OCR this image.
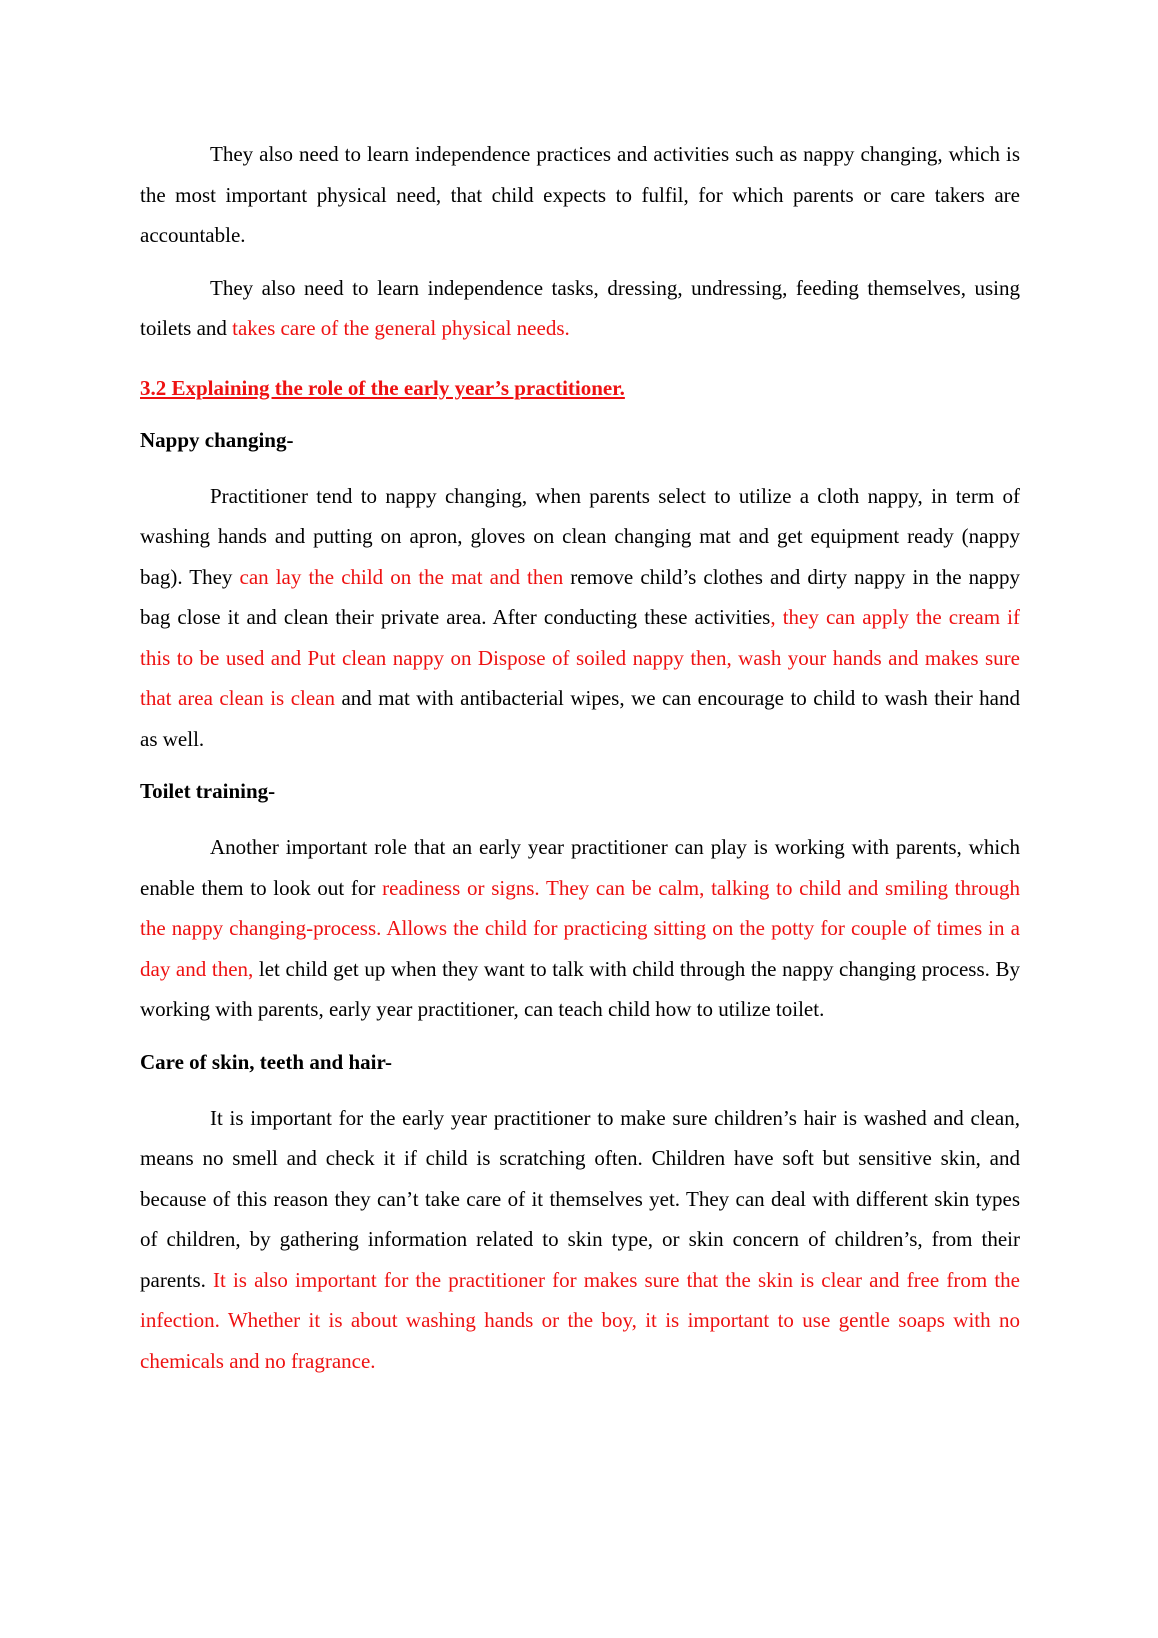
They also need to learn independence practices and activities such as nappy changing, which is the most important physical need, that child expects to fulfil, for which parents or care takers are accountable.

They also need to learn independence tasks, dressing, undressing, feeding themselves, using toilets and takes care of the general physical needs.

3.2 Explaining the role of the early year’s practitioner.
Nappy changing-

Practitioner tend to nappy changing, when parents select to utilize a cloth nappy, in term of washing hands and putting on apron, gloves on clean changing mat and get equipment ready (nappy bag). They can lay the child on the mat and then remove child’s clothes and dirty nappy in the nappy bag close it and clean their private area. After conducting these activities, they can apply the cream if this to be used and Put clean nappy on Dispose of soiled nappy then, wash your hands and makes sure that area clean is clean and mat with antibacterial wipes, we can encourage to child to wash their hand as well.

Toilet training-

Another important role that an early year practitioner can play is working with parents, which enable them to look out for readiness or signs. They can be calm, talking to child and smiling through the nappy changing-process. Allows the child for practicing sitting on the potty for couple of times in a day and then, let child get up when they want to talk with child through the nappy changing process. By working with parents, early year practitioner, can teach child how to utilize toilet.

Care of skin, teeth and hair-

It is important for the early year practitioner to make sure children’s hair is washed and clean, means no smell and check it if child is scratching often. Children have soft but sensitive skin, and because of this reason they can’t take care of it themselves yet. They can deal with different skin types of children, by gathering information related to skin type, or skin concern of children’s, from their parents. It is also important for the practitioner for makes sure that the skin is clear and free from the infection. Whether it is about washing hands or the boy, it is important to use gentle soaps with no chemicals and no fragrance.
